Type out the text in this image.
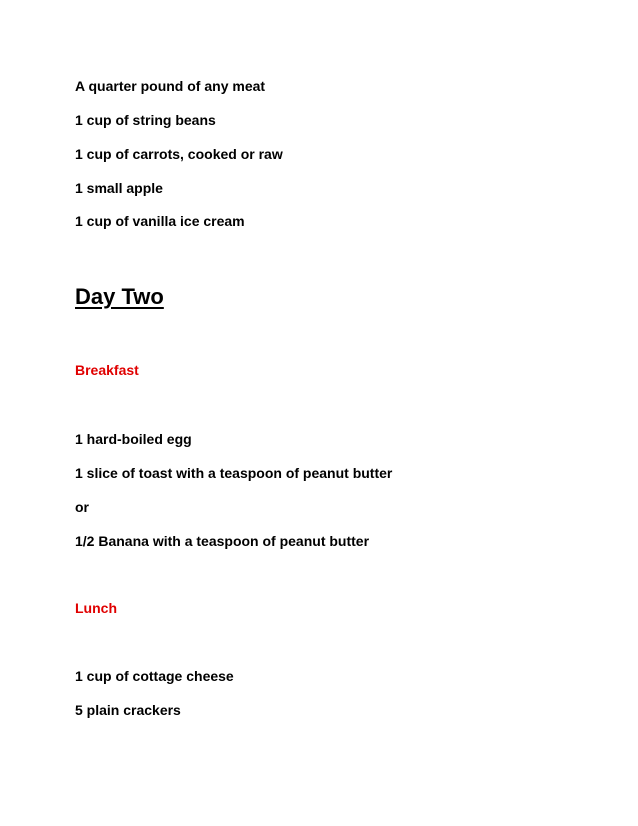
A quarter pound of any meat
1 cup of string beans
1 cup of carrots, cooked or raw
1 small apple
1 cup of vanilla ice cream
Day Two
Breakfast
1 hard-boiled egg
1 slice of toast with a teaspoon of peanut butter
or
1/2 Banana with a teaspoon of peanut butter
Lunch
1 cup of cottage cheese
5 plain crackers
